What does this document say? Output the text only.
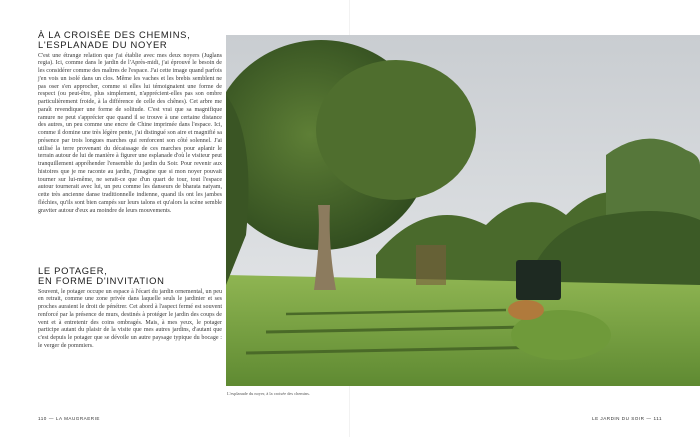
À LA CROISÉE DES CHEMINS,
L'ESPLANADE DU NOYER

C'est une étrange relation que j'ai établie avec mes deux noyers (Juglans regia). Ici, comme dans le jardin de l'Après-midi, j'ai éprouvé le besoin de les considérer comme des maîtres de l'espace. J'ai cette image quand parfois j'en vois un isolé dans un clos. Même les vaches et les brebis semblent ne pas oser s'en approcher, comme si elles lui témoignaient une forme de respect (ou peut-être, plus simplement, n'apprécient-elles pas son ombre particulièrement froide, à la différence de celle des chênes). Cet arbre me paraît revendiquer une forme de solitude. C'est vrai que sa magnifique ramure ne peut s'apprécier que quand il se trouve à une certaine distance des autres, un peu comme une encre de Chine imprimée dans l'espace. Ici, comme il domine une très légère pente, j'ai distingué son aire et magnifié sa présence par trois longues marches qui renforcent son côté solennel. J'ai utilisé la terre provenant du décaissage de ces marches pour aplanir le terrain autour de lui de manière à figurer une esplanade d'où le visiteur peut tranquillement appréhender l'ensemble du jardin du Soir. Pour revenir aux histoires que je me raconte au jardin, j'imagine que si mon noyer pouvait tourner sur lui-même, ne serait-ce que d'un quart de tour, tout l'espace autour tournerait avec lui, un peu comme les danseurs de bharata natyam, cette très ancienne danse traditionnelle indienne, quand ils ont les jambes fléchies, qu'ils sont bien campés sur leurs talons et qu'alors la scène semble graviter autour d'eux au moindre de leurs mouvements.

LE POTAGER,
EN FORME D'INVITATION

Souvent, le potager occupe un espace à l'écart du jardin ornemental, un peu en retrait, comme une zone privée dans laquelle seuls le jardinier et ses proches auraient le droit de pénétrer. Cet abord à l'aspect fermé est souvent renforcé par la présence de murs, destinés à protéger le jardin des coups de vent et à entretenir des coins ombragés. Mais, à mes yeux, le potager participe autant du plaisir de la visite que mes autres jardins, d'autant que c'est depuis le potager que se dévoile un autre paysage typique du bocage : le verger de pommiers.

L'esplanade du noyer, à la croisée des chemins.
110 — LA MAUGRAERIE	LE JARDIN DU SOIR — 111
